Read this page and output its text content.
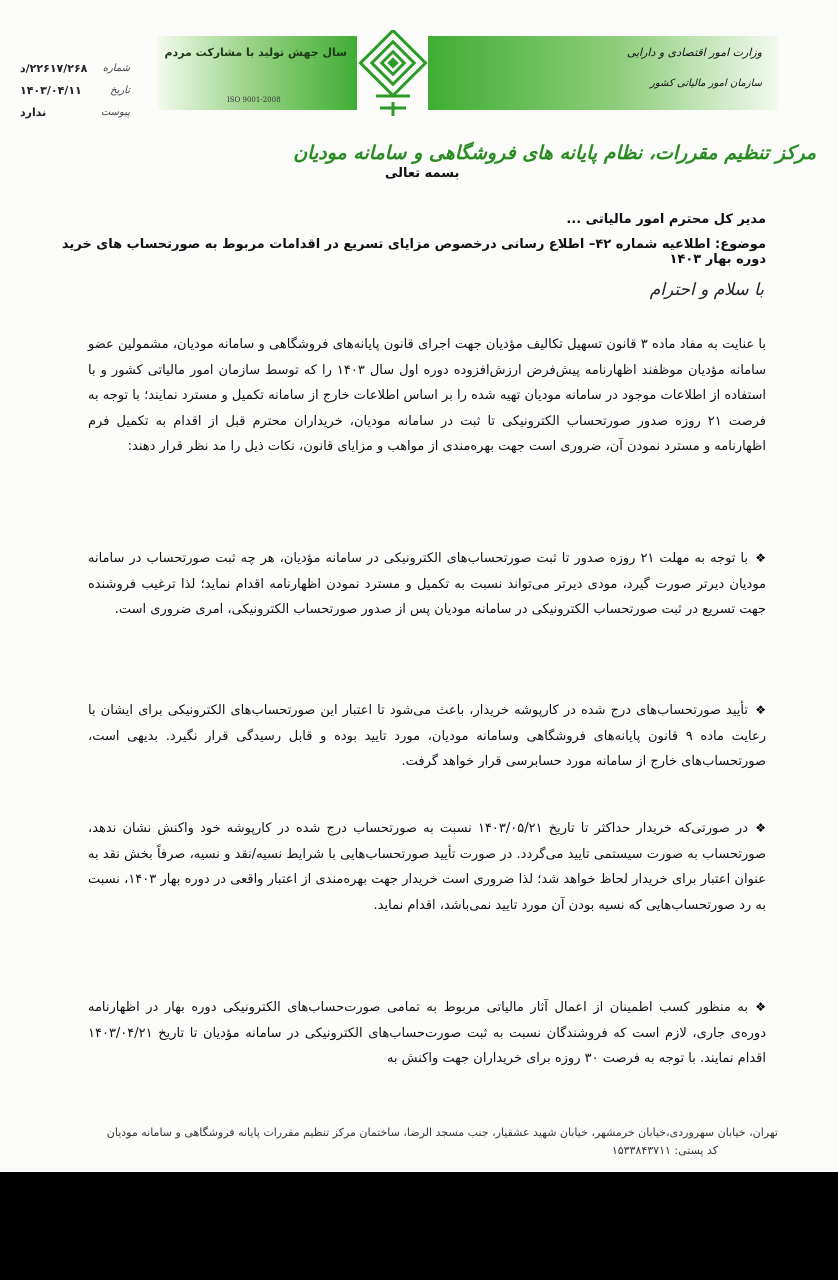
شماره
۲۲۶۱۷/۲۶۸/د
تاریخ
۱۴۰۳/۰۴/۱۱
پیوست
ندارد
سال جهش تولید با مشارکت مردم
ISO 9001-2008
وزارت امور اقتصادی و دارایی
سازمان امور مالیاتی کشور
مرکز تنظیم مقررات، نظام پایانه های فروشگاهی و سامانه مودیان
بسمه تعالی
مدیر کل محترم امور مالیاتی ...
موضوع: اطلاعیه شماره ۴۲– اطلاع رسانی درخصوص مزایای تسریع در اقدامات مربوط به صورتحساب های خرید دوره بهار ۱۴۰۳
با سلام و احترام
با عنایت به مفاد ماده ۳ قانون تسهیل تکالیف مؤدیان جهت اجرای قانون پایانه‌های فروشگاهی و سامانه مودیان، مشمولین عضو سامانه مؤدیان موظفند اظهارنامه پیش‌فرض ارزش‌افزوده دوره اول سال ۱۴۰۳ را که توسط سازمان امور مالیاتی کشور و با استفاده از اطلاعات موجود در سامانه مودیان تهیه شده را بر اساس اطلاعات خارج از سامانه تکمیل و مسترد نمایند؛ با توجه به فرصت ۲۱ روزه صدور صورتحساب الکترونیکی تا ثبت در سامانه مودیان، خریداران محترم قبل از اقدام به تکمیل فرم اظهارنامه و مسترد نمودن آن، ضروری است جهت بهره‌مندی از مواهب و مزایای قانون، نکات ذیل را مد نظر قرار دهند:
❖با توجه به مهلت ۲۱ روزه صدور تا ثبت صورتحساب‌های الکترونیکی در سامانه مؤدیان، هر چه ثبت صورتحساب در سامانه مودیان دیرتر صورت گیرد، مودی دیرتر می‌تواند نسبت به تکمیل و مسترد نمودن اظهارنامه اقدام نماید؛ لذا ترغیب فروشنده جهت تسریع در ثبت صورتحساب الکترونیکی در سامانه مودیان پس از صدور صورتحساب الکترونیکی، امری ضروری است.
❖تأیید صورتحساب‌های درج شده در کارپوشه خریدار، باعث می‌شود تا اعتبار این صورتحساب‌های الکترونیکی برای ایشان با رعایت ماده ۹ قانون پایانه‌های فروشگاهی وسامانه مودیان، مورد تایید بوده و قابل رسیدگی قرار نگیرد. بدیهی است، صورتحساب‌های خارج از سامانه مورد حسابرسی قرار خواهد گرفت.
❖در صورتی‌که خریدار حداکثر تا تاریخ ۱۴۰۳/۰۵/۲۱ نسبت به صورتحساب درج شده در کارپوشه خود واکنش نشان ندهد، صورتحساب به صورت سیستمی تایید می‌گردد. در صورت تأیید صورتحساب‌هایی با شرایط نسیه/نقد و نسیه، صرفاً بخش نقد به عنوان اعتبار برای خریدار لحاظ خواهد شد؛ لذا ضروری است خریدار جهت بهره‌مندی از اعتبار واقعی در دوره بهار ۱۴۰۳، نسبت به رد صورتحساب‌هایی که نسیه بودن آن مورد تایید نمی‌باشد، اقدام نماید.
❖به منظور کسب اطمینان از اعمال آثار مالیاتی مربوط به تمامی صورت‌حساب‌های الکترونیکی دوره بهار در اظهارنامه دوره‌ی جاری، لازم است که فروشندگان نسبت به ثبت صورت‌حساب‌های الکترونیکی در سامانه مؤدیان تا تاریخ ۱۴۰۳/۰۴/۲۱ اقدام نمایند. با توجه به فرصت ۳۰ روزه برای خریداران جهت واکنش به
تهران، خیابان سهروردی،خیابان خرمشهر، خیابان شهید عشقیار، جنب مسجد الرضا، ساختمان مرکز تنظیم مقررات پایانه فروشگاهی و سامانه مودیان
کد پستی: ۱۵۳۳۸۴۳۷۱۱
